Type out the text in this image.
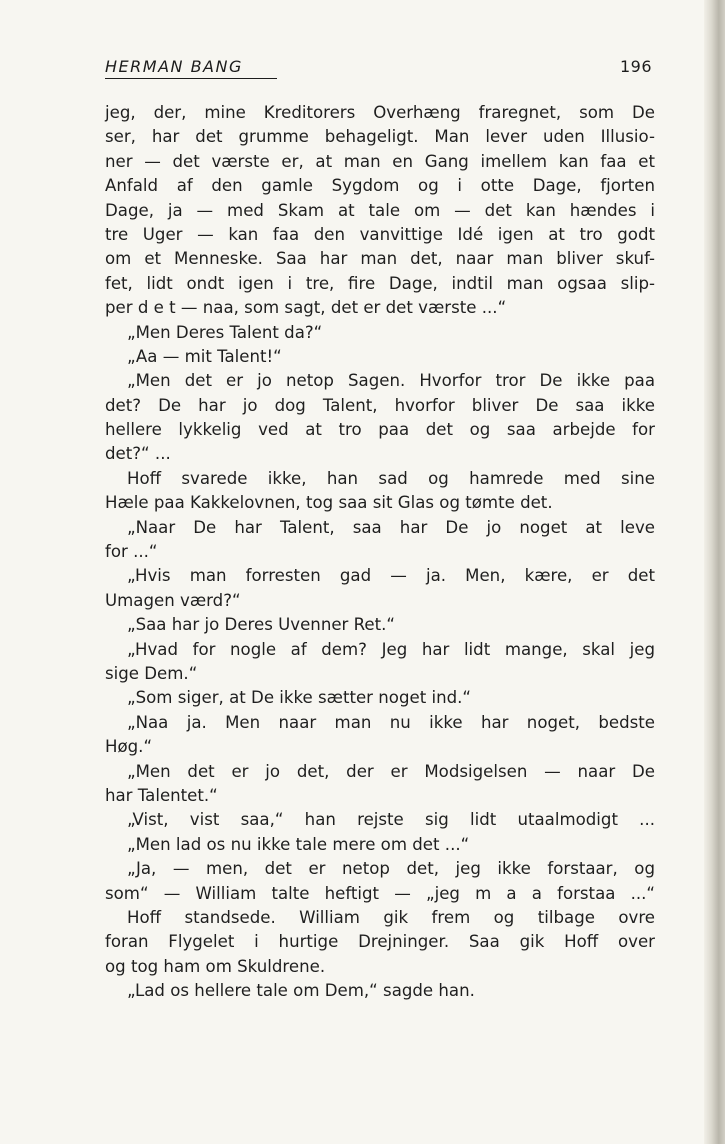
HERMAN BANG	196
jeg, der, mine Kreditorers Overhæng fraregnet, som De
ser, har det grumme behageligt. Man lever uden Illusio-
ner — det værste er, at man en Gang imellem kan faa et
Anfald af den gamle Sygdom og i otte Dage, fjorten
Dage, ja — med Skam at tale om — det kan hændes i
tre Uger — kan faa den vanvittige Idé igen at tro godt
om et Menneske. Saa har man det, naar man bliver skuf-
fet, lidt ondt igen i tre, fire Dage, indtil man ogsaa slip-
per d e t — naa, som sagt, det er det værste ...“
„Men Deres Talent da?“
„Aa — mit Talent!“
„Men det er jo netop Sagen. Hvorfor tror De ikke paa
det? De har jo dog Talent, hvorfor bliver De saa ikke
hellere lykkelig ved at tro paa det og saa arbejde for
det?“ ...
Hoff svarede ikke, han sad og hamrede med sine
Hæle paa Kakkelovnen, tog saa sit Glas og tømte det.
„Naar De har Talent, saa har De jo noget at leve
for ...“
„Hvis man forresten gad — ja. Men, kære, er det
Umagen værd?“
„Saa har jo Deres Uvenner Ret.“
„Hvad for nogle af dem? Jeg har lidt mange, skal jeg
sige Dem.“
„Som siger, at De ikke sætter noget ind.“
„Naa ja. Men naar man nu ikke har noget, bedste
Høg.“
„Men det er jo det, der er Modsigelsen — naar De
har Talentet.“
„Vist, vist saa,“ han rejste sig lidt utaalmodigt ...
„Men lad os nu ikke tale mere om det ...“
„Ja, — men, det er netop det, jeg ikke forstaar, og
som“ — William talte heftigt — „jeg m a a forstaa ...“
Hoff standsede. William gik frem og tilbage ovre
foran Flygelet i hurtige Drejninger. Saa gik Hoff over
og tog ham om Skuldrene.
„Lad os hellere tale om Dem,“ sagde han.
